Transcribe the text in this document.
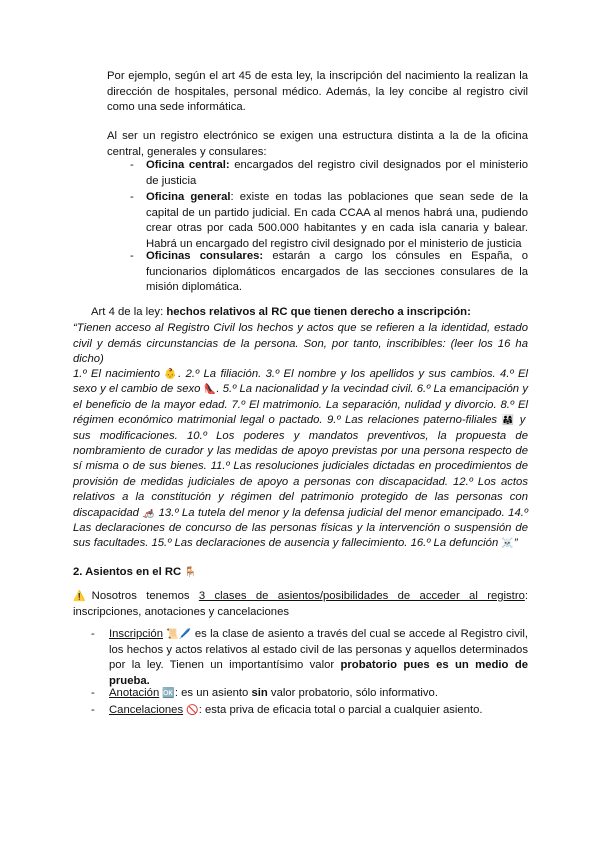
Por ejemplo, según el art 45 de esta ley, la inscripción del nacimiento la realizan la dirección de hospitales, personal médico. Además, la ley concibe al registro civil como una sede informática.

Al ser un registro electrónico se exigen una estructura distinta a la de la oficina central, generales y consulares:

- Oficina central: encargados del registro civil designados por el ministerio de justicia

- Oficina general: existe en todas las poblaciones que sean sede de la capital de un partido judicial. En cada CCAA al menos habrá una, pudiendo crear otras por cada 500.000 habitantes y en cada isla canaria y balear. Habrá un encargado del registro civil designado por el ministerio de justicia

- Oficinas consulares: estarán a cargo los cónsules en España, o funcionarios diplomáticos encargados de las secciones consulares de la misión diplomática.

Art 4 de la ley: hechos relativos al RC que tienen derecho a inscripción:

“Tienen acceso al Registro Civil los hechos y actos que se refieren a la identidad, estado civil y demás circunstancias de la persona. Son, por tanto, inscribibles: (leer los 16 ha dicho)

1.º El nacimiento 👶. 2.º La filiación. 3.º El nombre y los apellidos y sus cambios. 4.º El sexo y el cambio de sexo 👠. 5.º La nacionalidad y la vecindad civil. 6.º La emancipación y el beneficio de la mayor edad. 7.º El matrimonio. La separación, nulidad y divorcio. 8.º El régimen económico matrimonial legal o pactado. 9.º Las relaciones paterno-filiales 👨‍👩‍👧 y sus modificaciones. 10.º Los poderes y mandatos preventivos, la propuesta de nombramiento de curador y las medidas de apoyo previstas por una persona respecto de sí misma o de sus bienes. 11.º Las resoluciones judiciales dictadas en procedimientos de provisión de medidas judiciales de apoyo a personas con discapacidad. 12.º Los actos relativos a la constitución y régimen del patrimonio protegido de las personas con discapacidad 🦽 13.º La tutela del menor y la defensa judicial del menor emancipado. 14.º Las declaraciones de concurso de las personas físicas y la intervención o suspensión de sus facultades. 15.º Las declaraciones de ausencia y fallecimiento. 16.º La defunción ☠️”

2. Asientos en el RC 🪑

⚠️Nosotros tenemos 3 clases de asientos/posibilidades de acceder al registro: inscripciones, anotaciones y cancelaciones

- Inscripción 📜🖊️ es la clase de asiento a través del cual se accede al Registro civil, los hechos y actos relativos al estado civil de las personas y aquellos determinados por la ley. Tienen un importantísimo valor probatorio pues es un medio de prueba.

- Anotación 🆗: es un asiento sin valor probatorio, sólo informativo.

- Cancelaciones 🚫: esta priva de eficacia total o parcial a cualquier asiento.
